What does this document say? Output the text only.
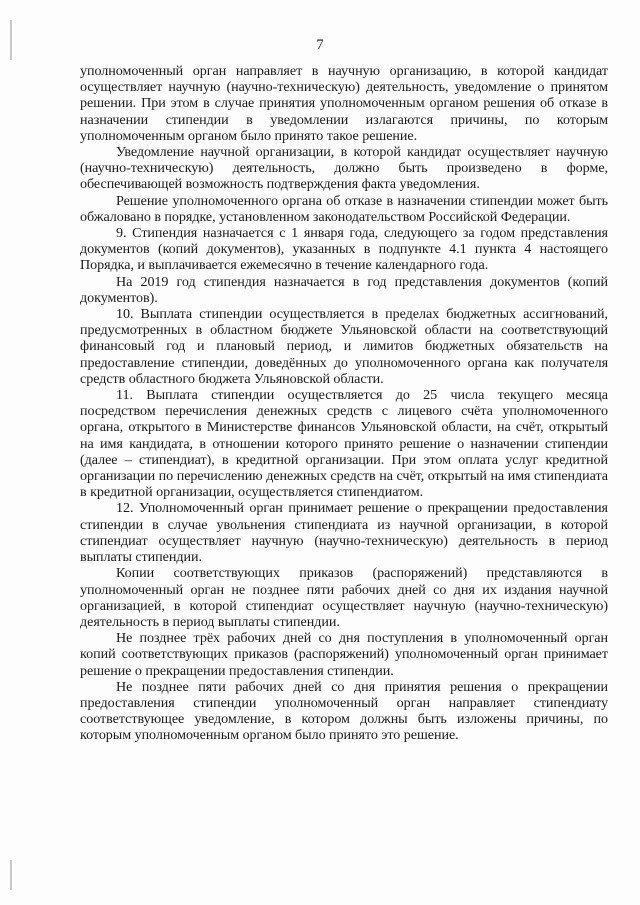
7

уполномоченный орган направляет в научную организацию, в которой кандидат осуществляет научную (научно-техническую) деятельность, уведомление о принятом решении. При этом в случае принятия уполномоченным органом решения об отказе в назначении стипендии в уведомлении излагаются причины, по которым уполномоченным органом было принято такое решение.

Уведомление научной организации, в которой кандидат осуществляет научную (научно-техническую) деятельность, должно быть произведено в форме, обеспечивающей возможность подтверждения факта уведомления.

Решение уполномоченного органа об отказе в назначении стипендии может быть обжаловано в порядке, установленном законодательством Российской Федерации.

9. Стипендия назначается с 1 января года, следующего за годом представления документов (копий документов), указанных в подпункте 4.1 пункта 4 настоящего Порядка, и выплачивается ежемесячно в течение календарного года.

На 2019 год стипендия назначается в год представления документов (копий документов).

10. Выплата стипендии осуществляется в пределах бюджетных ассигнований, предусмотренных в областном бюджете Ульяновской области на соответствующий финансовый год и плановый период, и лимитов бюджетных обязательств на предоставление стипендии, доведённых до уполномоченного органа как получателя средств областного бюджета Ульяновской области.

11. Выплата стипендии осуществляется до 25 числа текущего месяца посредством перечисления денежных средств с лицевого счёта уполномоченного органа, открытого в Министерстве финансов Ульяновской области, на счёт, открытый на имя кандидата, в отношении которого принято решение о назначении стипендии (далее – стипендиат), в кредитной организации. При этом оплата услуг кредитной организации по перечислению денежных средств на счёт, открытый на имя стипендиата в кредитной организации, осуществляется стипендиатом.

12. Уполномоченный орган принимает решение о прекращении предоставления стипендии в случае увольнения стипендиата из научной организации, в которой стипендиат осуществляет научную (научно-техническую) деятельность в период выплаты стипендии.

Копии соответствующих приказов (распоряжений) представляются в уполномоченный орган не позднее пяти рабочих дней со дня их издания научной организацией, в которой стипендиат осуществляет научную (научно-техническую) деятельность в период выплаты стипендии.

Не позднее трёх рабочих дней со дня поступления в уполномоченный орган копий соответствующих приказов (распоряжений) уполномоченный орган принимает решение о прекращении предоставления стипендии.

Не позднее пяти рабочих дней со дня принятия решения о прекращении предоставления стипендии уполномоченный орган направляет стипендиату соответствующее уведомление, в котором должны быть изложены причины, по которым уполномоченным органом было принято это решение.
